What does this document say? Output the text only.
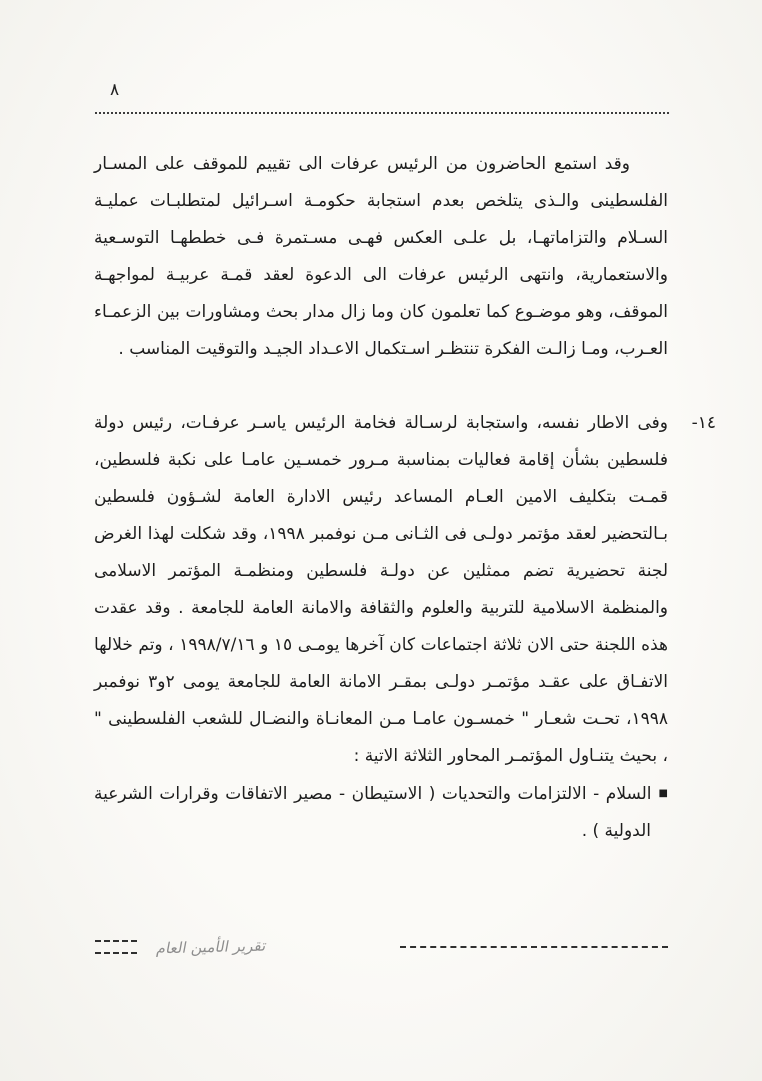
٨

وقد استمع الحاضرون من الرئيس عرفات الى تقييم للموقف على المسـار الفلسطينى والـذى يتلخص بعدم استجابة حكومـة اسـرائيل لمتطلبـات عمليـة السـلام والتزاماتهـا، بل علـى العكس فهـى مسـتمرة فـى خططهـا التوسـعية والاستعمارية، وانتهى الرئيس عرفات الى الدعوة لعقد قمـة عربيـة لمواجهـة الموقف، وهو موضـوع كما تعلمون كان وما زال مدار بحث ومشاورات بين الزعمـاء العـرب، ومـا زالـت الفكرة تنتظـر اسـتكمال الاعـداد الجيـد والتوقيت المناسب .

١٤-

وفى الاطار نفسه، واستجابة لرسـالة فخامة الرئيس ياسـر عرفـات، رئيس دولة فلسطين بشأن إقامة فعاليات بمناسبة مـرور خمسـين عامـا على نكبة فلسطين، قمـت بتكليف الامين العـام المساعد رئيس الادارة العامة لشـؤون فلسطين بـالتحضير لعقد مؤتمر دولـى فى الثـانى مـن نوفمبر ١٩٩٨، وقد شكلت لهذا الغرض لجنة تحضيرية تضم ممثلين عن دولـة فلسطين ومنظمـة المؤتمر الاسلامى والمنظمة الاسلامية للتربية والعلوم والثقافة والامانة العامة للجامعة . وقد عقدت هذه اللجنة حتى الان ثلاثة اجتماعات كان آخرها يومـى ١٥ و ١٩٩٨/٧/١٦ ، وتم خلالها الاتفـاق على عقـد مؤتمـر دولـى بمقـر الامانة العامة للجامعة يومى ٢و٣ نوفمبر ١٩٩٨، تحـت شعـار " خمسـون عامـا مـن المعانـاة والنضـال للشعب الفلسطينى " ، بحيث يتنـاول المؤتمـر المحاور الثلاثة الاتية :

■السلام - الالتزامات والتحديات ( الاستيطان - مصير الاتفاقات وقرارات الشرعية الدولية ) .

تقرير الأمين العام
